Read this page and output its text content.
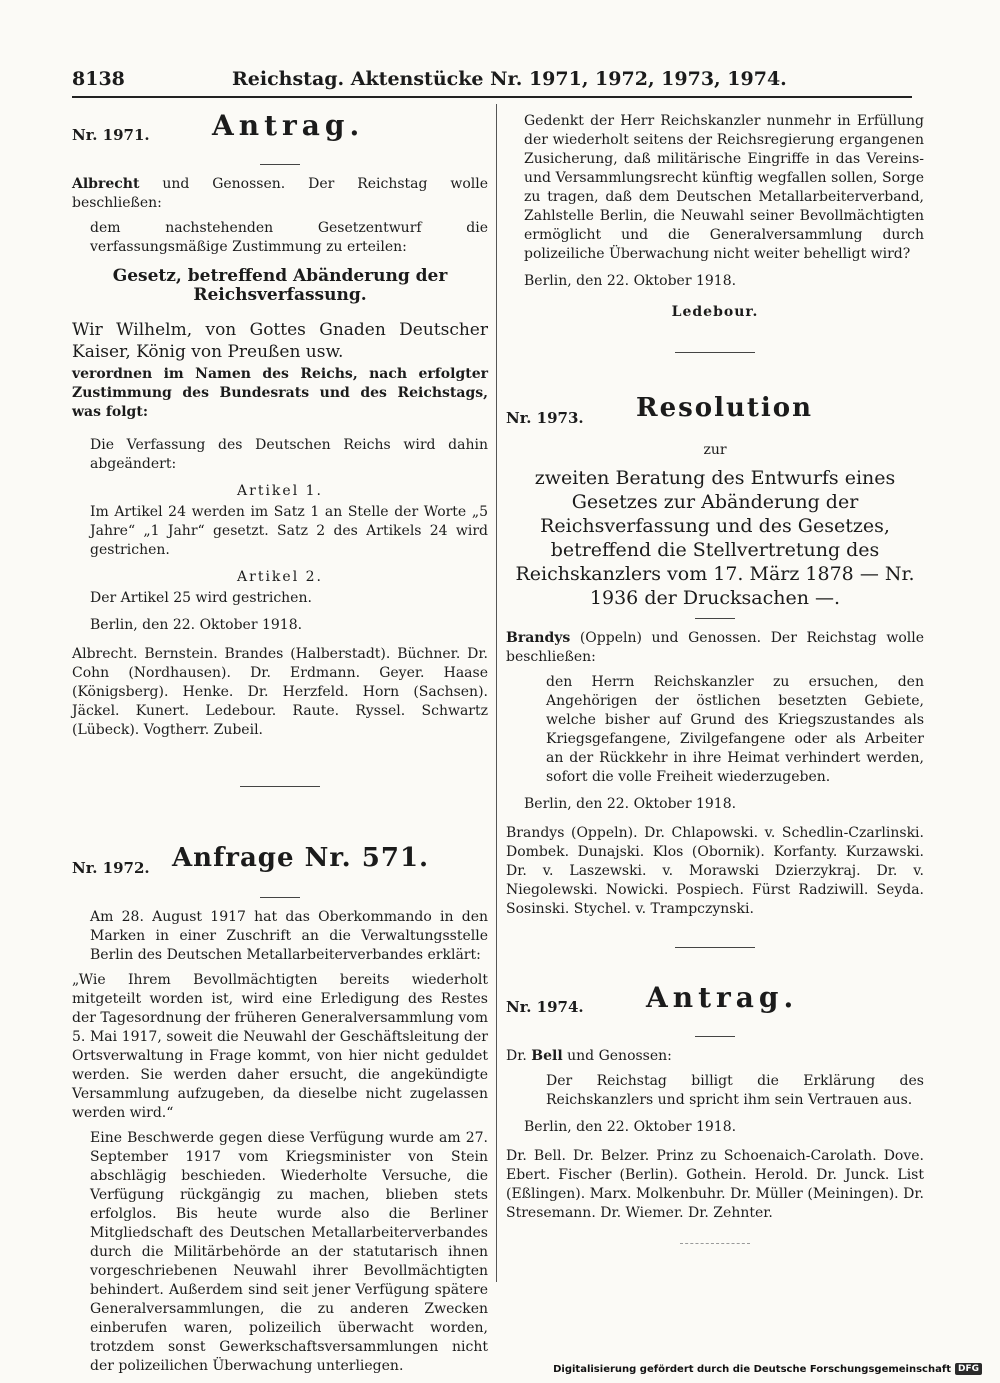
8138	Reichstag. Aktenstücke Nr. 1971, 1972, 1973, 1974.
Nr. 1971. Antrag.

Albrecht und Genossen. Der Reichstag wolle beschließen:

dem nachstehenden Gesetzentwurf die verfassungsmäßige Zustimmung zu erteilen:

Gesetz, betreffend Abänderung der Reichsverfassung.

Wir Wilhelm, von Gottes Gnaden Deutscher Kaiser, König von Preußen usw.

verordnen im Namen des Reichs, nach erfolgter Zustimmung des Bundesrats und des Reichstags, was folgt:

Die Verfassung des Deutschen Reichs wird dahin abgeändert:

Artikel 1.

Im Artikel 24 werden im Satz 1 an Stelle der Worte „5 Jahre“ „1 Jahr“ gesetzt. Satz 2 des Artikels 24 wird gestrichen.

Artikel 2.

Der Artikel 25 wird gestrichen.

Berlin, den 22. Oktober 1918.

Albrecht. Bernstein. Brandes (Halberstadt). Büchner. Dr. Cohn (Nordhausen). Dr. Erdmann. Geyer. Haase (Königsberg). Henke. Dr. Herzfeld. Horn (Sachsen). Jäckel. Kunert. Ledebour. Raute. Ryssel. Schwartz (Lübeck). Vogtherr. Zubeil.

Nr. 1972. Anfrage Nr. 571.

Am 28. August 1917 hat das Oberkommando in den Marken in einer Zuschrift an die Verwaltungsstelle Berlin des Deutschen Metallarbeiterverbandes erklärt:

„Wie Ihrem Bevollmächtigten bereits wiederholt mitgeteilt worden ist, wird eine Erledigung des Restes der Tagesordnung der früheren Generalversammlung vom 5. Mai 1917, soweit die Neuwahl der Geschäftsleitung der Ortsverwaltung in Frage kommt, von hier nicht geduldet werden. Sie werden daher ersucht, die angekündigte Versammlung aufzugeben, da dieselbe nicht zugelassen werden wird.“

Eine Beschwerde gegen diese Verfügung wurde am 27. September 1917 vom Kriegsminister von Stein abschlägig beschieden. Wiederholte Versuche, die Verfügung rückgängig zu machen, blieben stets erfolglos. Bis heute wurde also die Berliner Mitgliedschaft des Deutschen Metallarbeiterverbandes durch die Militärbehörde an der statutarisch ihnen vorgeschriebenen Neuwahl ihrer Bevollmächtigten behindert. Außerdem sind seit jener Verfügung spätere Generalversammlungen, die zu anderen Zwecken einberufen waren, polizeilich überwacht worden, trotzdem sonst Gewerkschaftsversammlungen nicht der polizeilichen Überwachung unterliegen.

Gedenkt der Herr Reichskanzler nunmehr in Erfüllung der wiederholt seitens der Reichsregierung ergangenen Zusicherung, daß militärische Eingriffe in das Vereins- und Versammlungsrecht künftig wegfallen sollen, Sorge zu tragen, daß dem Deutschen Metallarbeiterverband, Zahlstelle Berlin, die Neuwahl seiner Bevollmächtigten ermöglicht und die Generalversammlung durch polizeiliche Überwachung nicht weiter behelligt wird?

Berlin, den 22. Oktober 1918.

Ledebour.

Nr. 1973. Resolution

zur

zweiten Beratung des Entwurfs eines Gesetzes zur Abänderung der Reichsverfassung und des Gesetzes, betreffend die Stellvertretung des Reichskanzlers vom 17. März 1878 — Nr. 1936 der Drucksachen —.

Brandys (Oppeln) und Genossen. Der Reichstag wolle beschließen:

den Herrn Reichskanzler zu ersuchen, den Angehörigen der östlichen besetzten Gebiete, welche bisher auf Grund des Kriegszustandes als Kriegsgefangene, Zivilgefangene oder als Arbeiter an der Rückkehr in ihre Heimat verhindert werden, sofort die volle Freiheit wiederzugeben.

Berlin, den 22. Oktober 1918.

Brandys (Oppeln). Dr. Chlapowski. v. Schedlin-Czarlinski. Dombek. Dunajski. Klos (Obornik). Korfanty. Kurzawski. Dr. v. Laszewski. v. Morawski Dzierzykraj. Dr. v. Niegolewski. Nowicki. Pospiech. Fürst Radziwill. Seyda. Sosinski. Stychel. v. Trampczynski.

Nr. 1974. Antrag.

Dr. Bell und Genossen:

Der Reichstag billigt die Erklärung des Reichskanzlers und spricht ihm sein Vertrauen aus.

Berlin, den 22. Oktober 1918.

Dr. Bell. Dr. Belzer. Prinz zu Schoenaich-Carolath. Dove. Ebert. Fischer (Berlin). Gothein. Herold. Dr. Junck. List (Eßlingen). Marx. Molkenbuhr. Dr. Müller (Meiningen). Dr. Stresemann. Dr. Wiemer. Dr. Zehnter.

Digitalisierung gefördert durch die Deutsche Forschungsgemeinschaft DFG
